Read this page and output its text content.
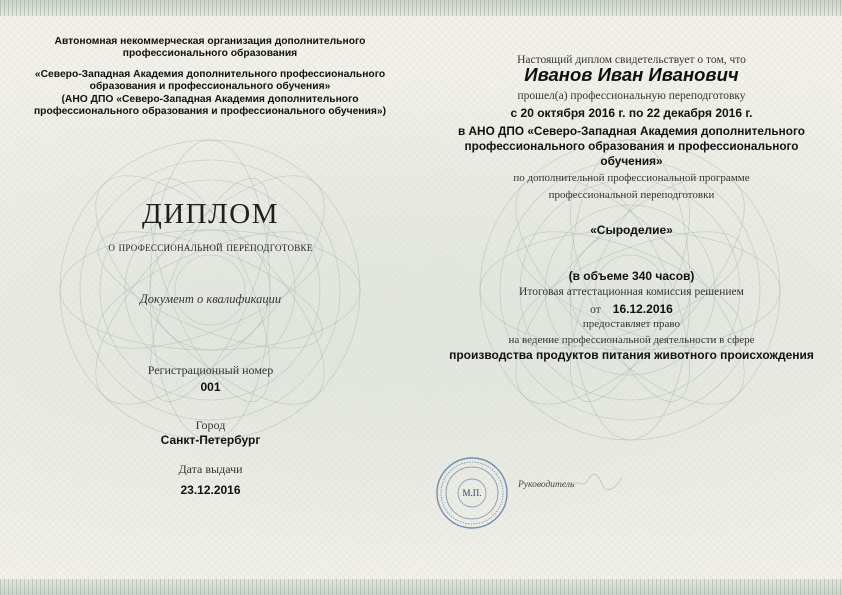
Автономная некоммерческая организация дополнительного
профессионального образования
«Северо-Западная Академия дополнительного профессионального
образования и профессионального обучения»
(АНО ДПО «Северо-Западная Академия дополнительного
профессионального образования и профессионального обучения»)
ДИПЛОМ
о профессиональной переподготовке
Документ о квалификации
Регистрационный номер
001
Город
Санкт-Петербург
Дата выдачи
23.12.2016
Настоящий диплом свидетельствует о том, что
Иванов Иван Иванович
прошел(а) профессиональную переподготовку
с 20 октября 2016 г. по 22 декабря 2016 г.
в АНО ДПО «Северо-Западная Академия дополнительного
профессионального образования и профессионального
обучения»
по дополнительной профессиональной программе
профессиональной переподготовки
«Сыроделие»
(в объеме 340 часов)
Итоговая аттестационная комиссия решением
от 16.12.2016
предоставляет право
на ведение профессиональной деятельности в сфере
производства продуктов питания животного происхождения
М.П.
Руководитель
